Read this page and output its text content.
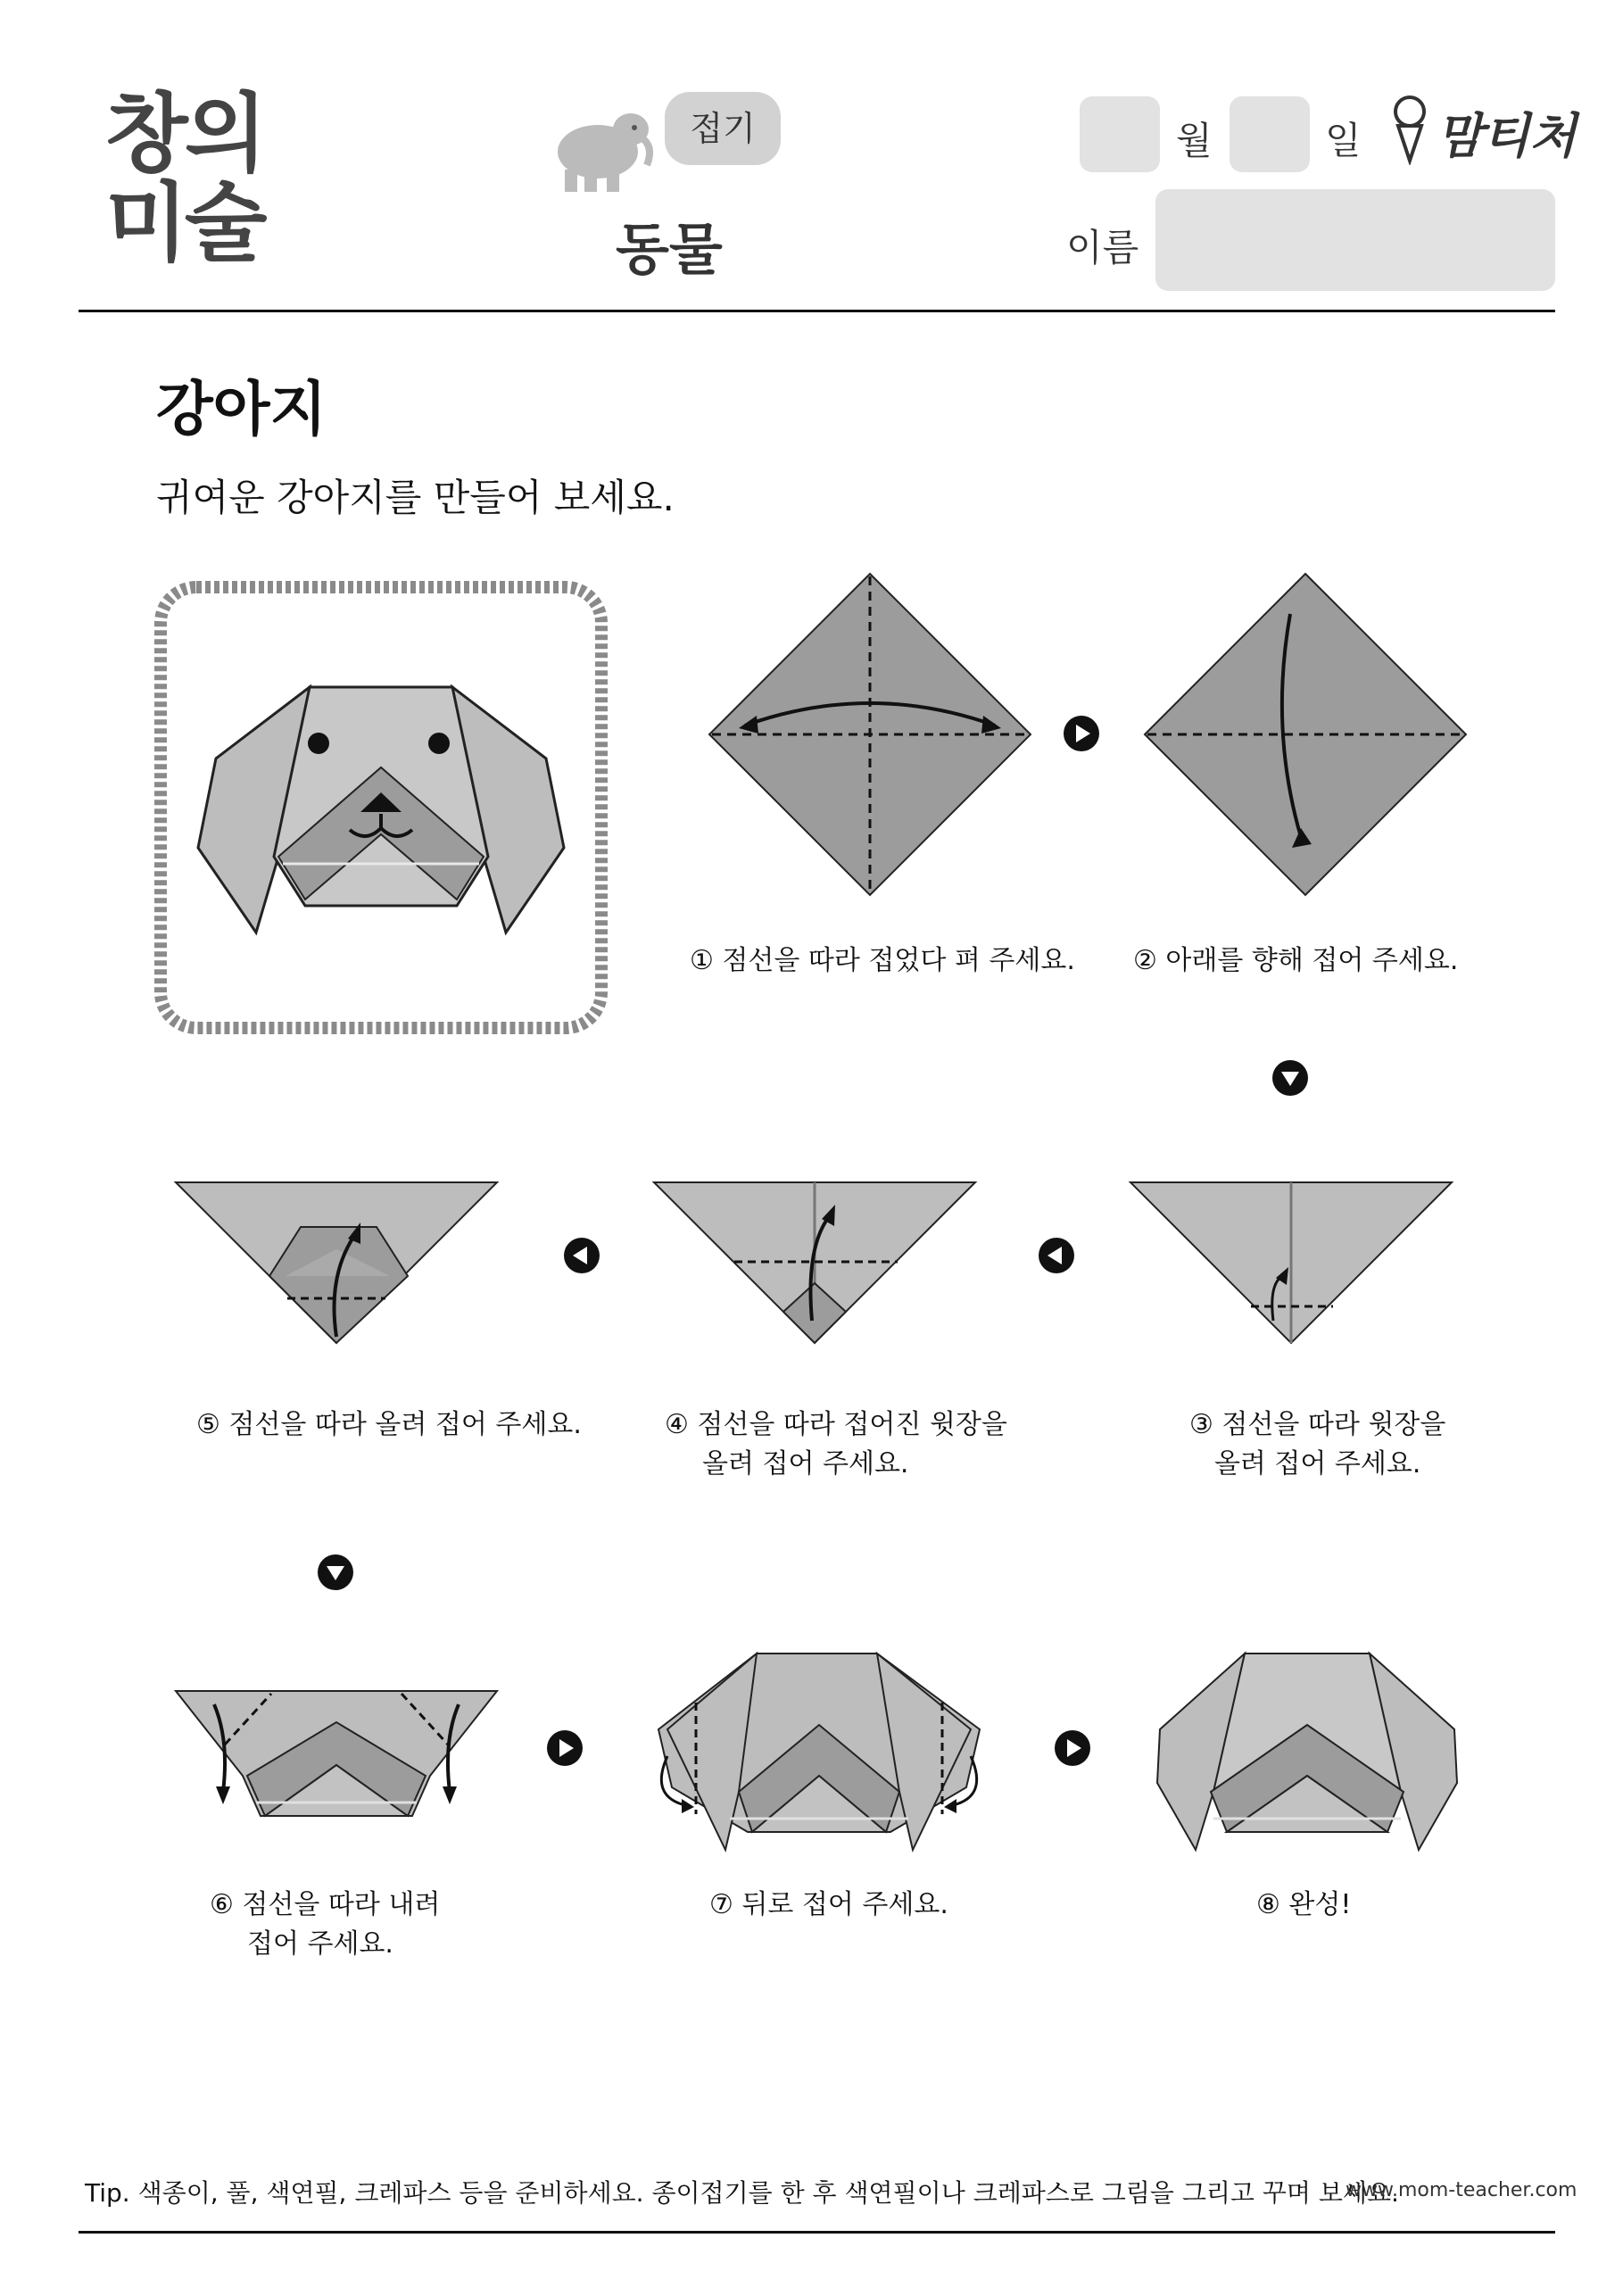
창의
미술
접기
동물
월	일 맘티처
이름
강아지
귀여운 강아지를 만들어 보세요.
① 점선을 따라 접었다 펴 주세요. ② 아래를 향해 접어 주세요.
③ 점선을 따라 윗장을
올려 접어 주세요.
④ 점선을 따라 접어진 윗장을
올려 접어 주세요.
⑤ 점선을 따라 올려 접어 주세요.
⑥ 점선을 따라 내려
접어 주세요.
⑦ 뒤로 접어 주세요.	⑧ 완성!
Tip. 색종이, 풀, 색연필, 크레파스 등을 준비하세요. 종이접기를 한 후 색연필이나 크레파스로 그림을 그리고 꾸며 보세요.
www.mom-teacher.com
